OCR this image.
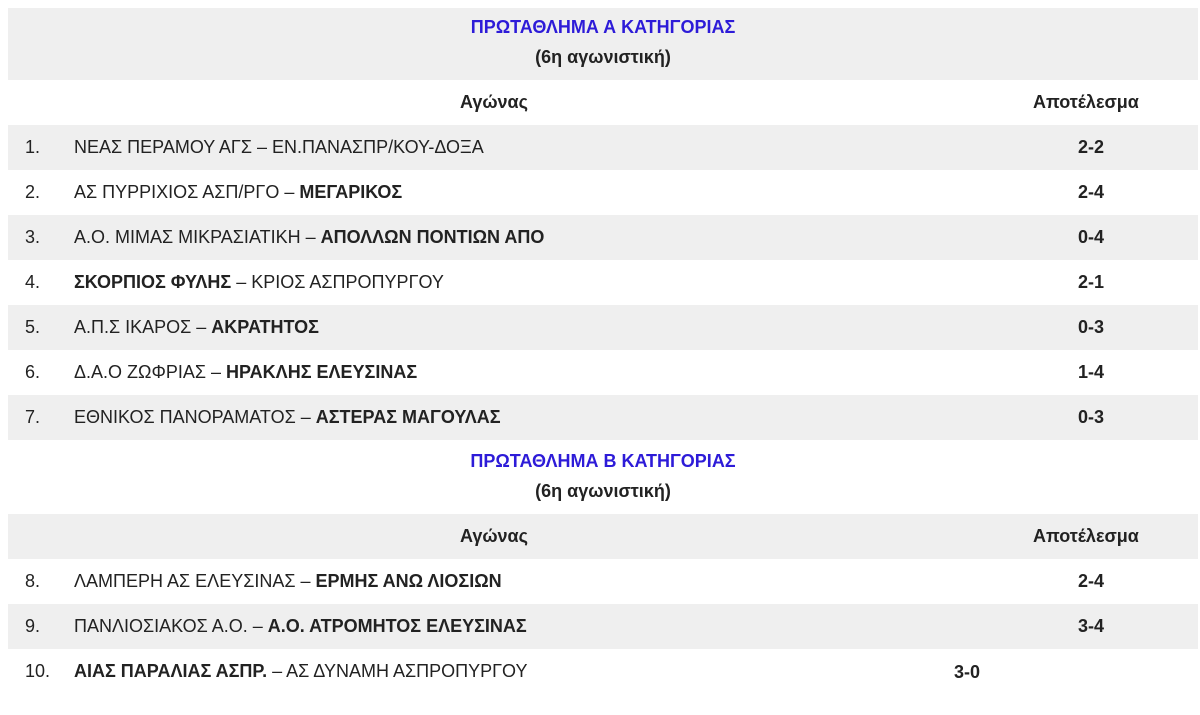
ΠΡΩΤΑΘΛΗΜΑ Α ΚΑΤΗΓΟΡΙΑΣ
(6η αγωνιστική)
Αγώνας	Αποτέλεσμα
1. ΝΕΑΣ ΠΕΡΑΜΟΥ ΑΓΣ – ΕΝ.ΠΑΝΑΣΠΡ/ΚΟΥ-ΔΟΞΑ	2-2
2. ΑΣ ΠΥΡΡΙΧΙΟΣ ΑΣΠ/ΡΓΟ – ΜΕΓΑΡΙΚΟΣ	2-4
3. Α.Ο. ΜΙΜΑΣ ΜΙΚΡΑΣΙΑΤΙΚΗ – ΑΠΟΛΛΩΝ ΠΟΝΤΙΩΝ ΑΠΟ	0-4
4. ΣΚΟΡΠΙΟΣ ΦΥΛΗΣ – ΚΡΙΟΣ ΑΣΠΡΟΠΥΡΓΟΥ	2-1
5. Α.Π.Σ ΙΚΑΡΟΣ – ΑΚΡΑΤΗΤΟΣ	0-3
6. Δ.Α.Ο ΖΩΦΡΙΑΣ – ΗΡΑΚΛΗΣ ΕΛΕΥΣΙΝΑΣ	1-4
7. ΕΘΝΙΚΟΣ ΠΑΝΟΡΑΜΑΤΟΣ – ΑΣΤΕΡΑΣ ΜΑΓΟΥΛΑΣ	0-3
ΠΡΩΤΑΘΛΗΜΑ Β ΚΑΤΗΓΟΡΙΑΣ
(6η αγωνιστική)
Αγώνας	Αποτέλεσμα
8. ΛΑΜΠΕΡΗ ΑΣ ΕΛΕΥΣΙΝΑΣ – ΕΡΜΗΣ ΑΝΩ ΛΙΟΣΙΩΝ	2-4
9. ΠΑΝΛΙΟΣΙΑΚΟΣ Α.Ο. – Α.Ο. ΑΤΡΟΜΗΤΟΣ ΕΛΕΥΣΙΝΑΣ	3-4
10. ΑΙΑΣ ΠΑΡΑΛΙΑΣ ΑΣΠΡ. – ΑΣ ΔΥΝΑΜΗ ΑΣΠΡΟΠΥΡΓΟΥ	3-0
